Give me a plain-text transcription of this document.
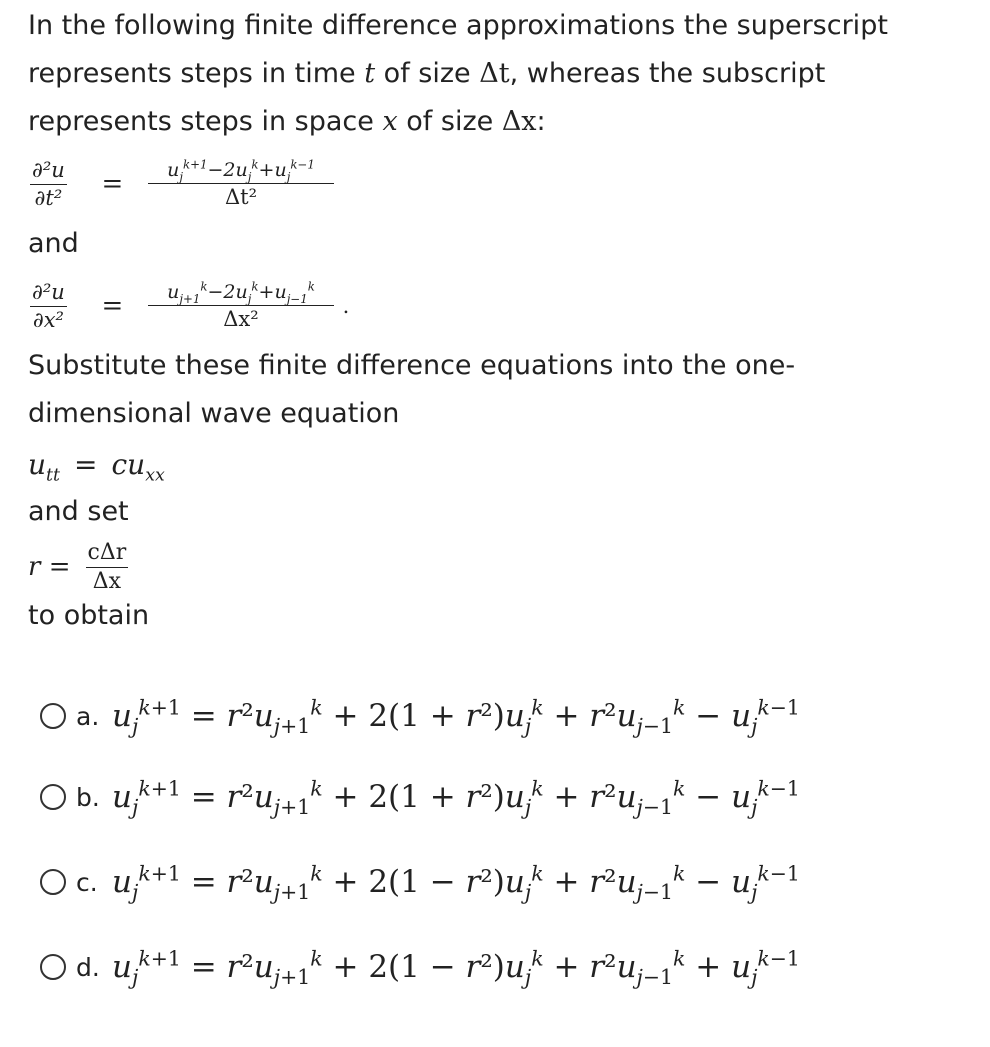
In the following finite difference approximations the superscript
represents steps in time t of size Δt, whereas the subscript
represents steps in space x of size Δx:
$\frac{\text{∂²u}}{\text{∂t²}} = \frac{u_j^{k+1}-2u_j^k+u_j^{k-1}}{\text{Δt²}}$
and
$\frac{\text{∂²u}}{\text{∂x²}} = \frac{u_{j+1}^k-2u_j^k+u_{j-1}^k}{\text{Δx²}}$ .
Substitute these finite difference equations into the one-
dimensional wave equation
$u_{tt} = cu_{xx}$
and set
$r = \frac{\text{cΔr}}{\Delta x}$
to obtain
a. $u_j^{k+1} = r^2u_{j+1}^k + 2(1 + r^2)u_j^k + r^2u_{j-1}^k - u_j^{k-1}$
b. $u_j^{k+1} = r^2u_{j+1}^k + 2(1 + r^2)u_j^k + r^2u_{j-1}^k - u_j^{k-1}$
c. $u_j^{k+1} = r^2u_{j+1}^k + 2(1 - r^2)u_j^k + r^2u_{j-1}^k - u_j^{k-1}$
d. $u_j^{k+1} = r^2u_{j+1}^k + 2(1 - r^2)u_j^k + r^2u_{j-1}^k + u_j^{k-1}$
